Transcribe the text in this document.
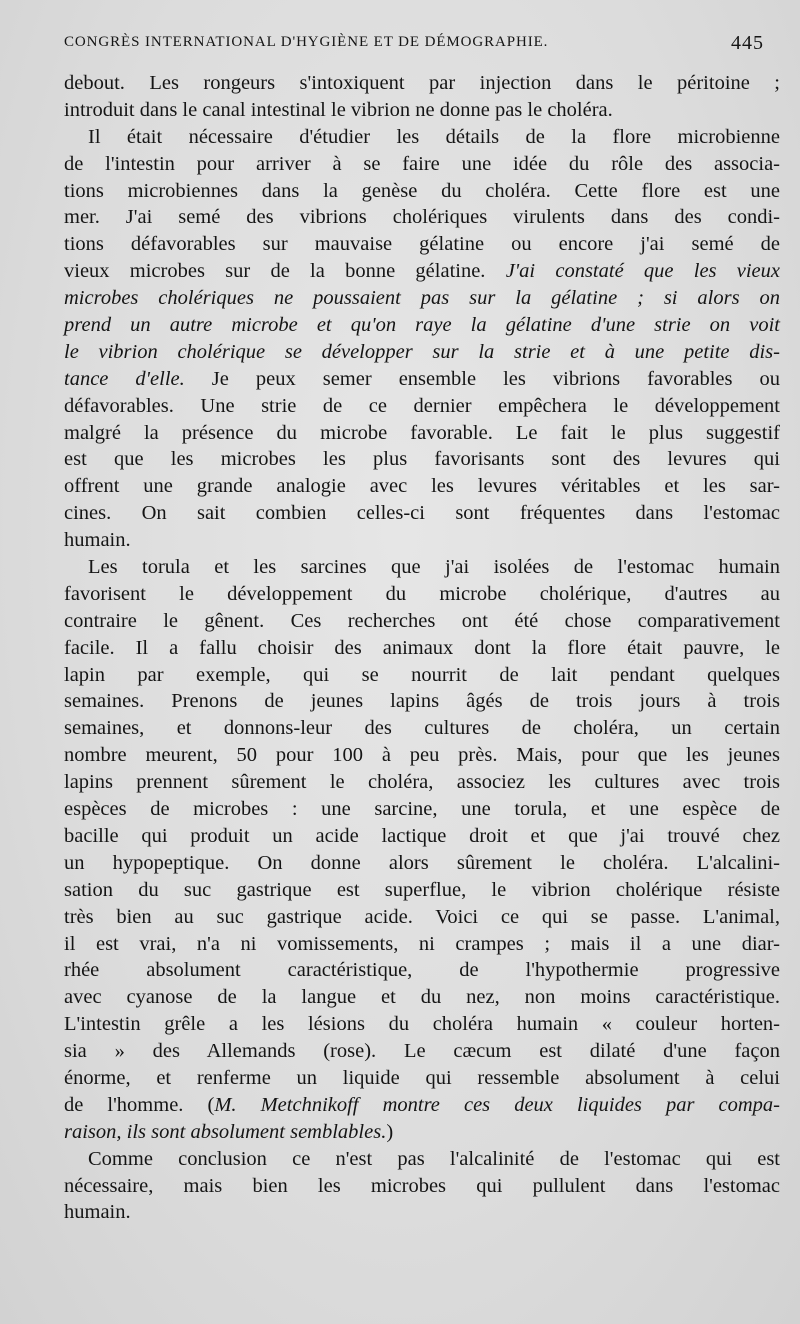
CONGRÈS INTERNATIONAL D'HYGIÈNE ET DE DÉMOGRAPHIE.	445
debout. Les rongeurs s'intoxiquent par injection dans le péritoine ;
introduit dans le canal intestinal le vibrion ne donne pas le choléra.
Il était nécessaire d'étudier les détails de la flore microbienne
de l'intestin pour arriver à se faire une idée du rôle des associa-
tions microbiennes dans la genèse du choléra. Cette flore est une
mer. J'ai semé des vibrions cholériques virulents dans des condi-
tions défavorables sur mauvaise gélatine ou encore j'ai semé de
vieux microbes sur de la bonne gélatine. J'ai constaté que les vieux
microbes cholériques ne poussaient pas sur la gélatine ; si alors on
prend un autre microbe et qu'on raye la gélatine d'une strie on voit
le vibrion cholérique se développer sur la strie et à une petite dis-
tance d'elle. Je peux semer ensemble les vibrions favorables ou
défavorables. Une strie de ce dernier empêchera le développement
malgré la présence du microbe favorable. Le fait le plus suggestif
est que les microbes les plus favorisants sont des levures qui
offrent une grande analogie avec les levures véritables et les sar-
cines. On sait combien celles-ci sont fréquentes dans l'estomac
humain.
Les torula et les sarcines que j'ai isolées de l'estomac humain
favorisent le développement du microbe cholérique, d'autres au
contraire le gênent. Ces recherches ont été chose comparativement
facile. Il a fallu choisir des animaux dont la flore était pauvre, le
lapin par exemple, qui se nourrit de lait pendant quelques
semaines. Prenons de jeunes lapins âgés de trois jours à trois
semaines, et donnons-leur des cultures de choléra, un certain
nombre meurent, 50 pour 100 à peu près. Mais, pour que les jeunes
lapins prennent sûrement le choléra, associez les cultures avec trois
espèces de microbes : une sarcine, une torula, et une espèce de
bacille qui produit un acide lactique droit et que j'ai trouvé chez
un hypopeptique. On donne alors sûrement le choléra. L'alcalini-
sation du suc gastrique est superflue, le vibrion cholérique résiste
très bien au suc gastrique acide. Voici ce qui se passe. L'animal,
il est vrai, n'a ni vomissements, ni crampes ; mais il a une diar-
rhée absolument caractéristique, de l'hypothermie progressive
avec cyanose de la langue et du nez, non moins caractéristique.
L'intestin grêle a les lésions du choléra humain « couleur horten-
sia » des Allemands (rose). Le cæcum est dilaté d'une façon
énorme, et renferme un liquide qui ressemble absolument à celui
de l'homme. (M. Metchnikoff montre ces deux liquides par compa-
raison, ils sont absolument semblables.)
Comme conclusion ce n'est pas l'alcalinité de l'estomac qui est
nécessaire, mais bien les microbes qui pullulent dans l'estomac
humain.
